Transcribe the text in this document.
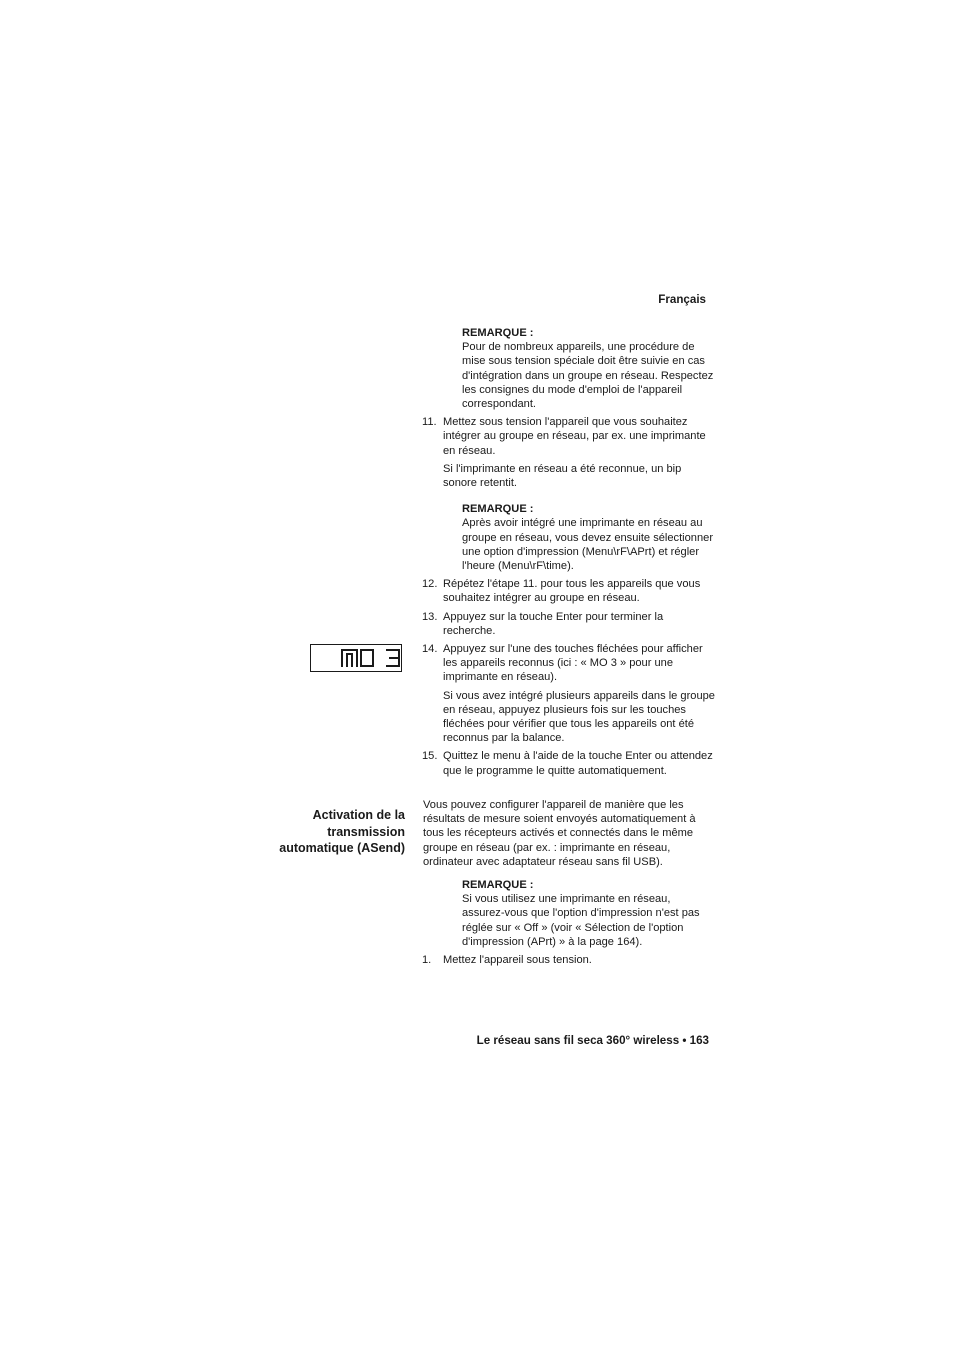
Français
MO 3
REMARQUE :
Pour de nombreux appareils, une procédure de mise sous tension spéciale doit être suivie en cas d'intégration dans un groupe en réseau. Respectez les consignes du mode d'emploi de l'appareil correspondant.
11. Mettez sous tension l'appareil que vous souhaitez intégrer au groupe en réseau, par ex. une imprimante en réseau.
Si l'imprimante en réseau a été reconnue, un bip sonore retentit.
REMARQUE :
Après avoir intégré une imprimante en réseau au groupe en réseau, vous devez ensuite sélectionner une option d'impression (Menu\rF\APrt) et régler l'heure (Menu\rF\time).
12. Répétez l'étape 11. pour tous les appareils que vous souhaitez intégrer au groupe en réseau.
13. Appuyez sur la touche Enter pour terminer la recherche.
14. Appuyez sur l'une des touches fléchées pour afficher les appareils reconnus (ici : « MO 3 » pour une imprimante en réseau).
Si vous avez intégré plusieurs appareils dans le groupe en réseau, appuyez plusieurs fois sur les touches fléchées pour vérifier que tous les appareils ont été reconnus par la balance.
15. Quittez le menu à l'aide de la touche Enter ou attendez que le programme le quitte automatiquement.
Vous pouvez configurer l'appareil de manière que les résultats de mesure soient envoyés automatiquement à tous les récepteurs activés et connectés dans le même groupe en réseau (par ex. : imprimante en réseau, ordinateur avec adaptateur réseau sans fil USB).
REMARQUE :
Si vous utilisez une imprimante en réseau, assurez-vous que l'option d'impression n'est pas réglée sur « Off » (voir « Sélection de l'option d'impression (APrt) » à la page 164).
1. Mettez l'appareil sous tension.
Activation de la
transmission
automatique (ASend)
Le réseau sans fil seca 360° wireless • 163
